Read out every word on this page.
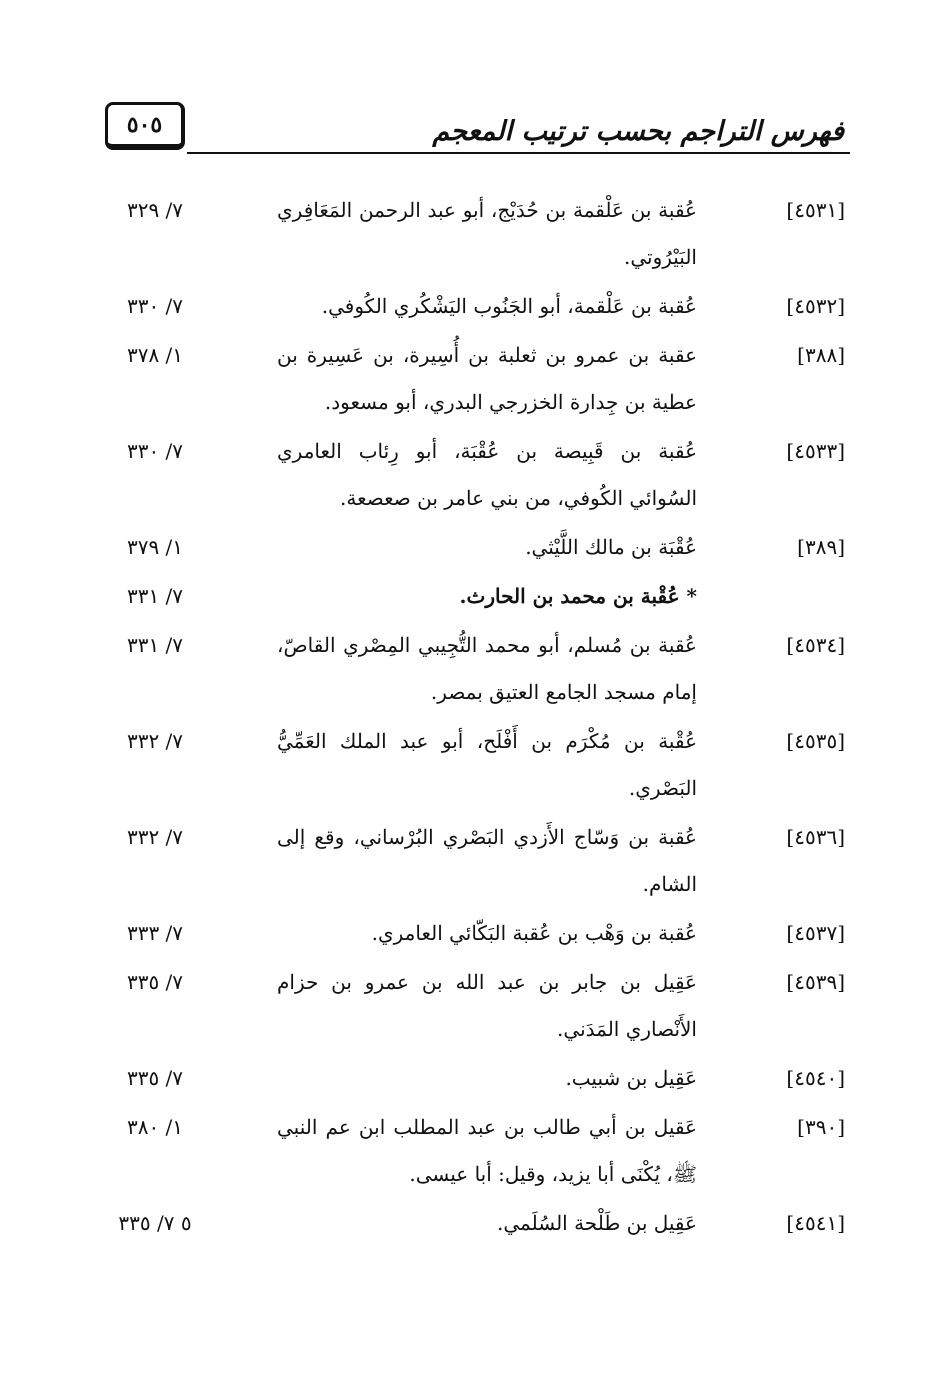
٥٠٥	فهرس التراجم بحسب ترتيب المعجم
[٤٥٣١]
عُقبة بن عَلْقمة بن حُدَيْج، أبو عبد الرحمن المَعَافِري البَيْرُوتي.
٧/ ٣٢٩
[٤٥٣٢]
عُقبة بن عَلْقمة، أبو الجَنُوب اليَشْكُري الكُوفي.
٧/ ٣٣٠
[٣٨٨]
عقبة بن عمرو بن ثعلبة بن أُسِيرة، بن عَسِيرة بن عطية بن جِدارة الخزرجي البدري، أبو مسعود.
١/ ٣٧٨
[٤٥٣٣]
عُقبة بن قَبِيصة بن عُقْبَة، أبو رِئاب العامري السُوائي الكُوفي، من بني عامر بن صعصعة.
٧/ ٣٣٠
[٣٨٩]
عُقْبَة بن مالك اللَّيْثي.
١/ ٣٧٩
* عُقْبة بن محمد بن الحارث.
٧/ ٣٣١
[٤٥٣٤]
عُقبة بن مُسلم، أبو محمد التُّجِيبي المِصْري القاصّ، إمام مسجد الجامع العتيق بمصر.
٧/ ٣٣١
[٤٥٣٥]
عُقْبة بن مُكْرَم بن أَفْلَح، أبو عبد الملك العَمِّيُّ البَصْري.
٧/ ٣٣٢
[٤٥٣٦]
عُقبة بن وَسّاج الأَزدي البَصْري البُرْساني، وقع إلى الشام.
٧/ ٣٣٢
[٤٥٣٧]
عُقبة بن وَهْب بن عُقبة البَكّائي العامري.
٧/ ٣٣٣
[٤٥٣٩]
عَقِيل بن جابر بن عبد الله بن عمرو بن حزام الأَنْصاري المَدَني.
٧/ ٣٣٥
[٤٥٤٠]
عَقِيل بن شبيب.
٧/ ٣٣٥
[٣٩٠]
عَقيل بن أبي طالب بن عبد المطلب ابن عم النبي ﷺ، يُكْنَى أبا يزيد، وقيل: أبا عيسى.
١/ ٣٨٠
[٤٥٤١]
عَقِيل بن طَلْحة السُلَمي.
٥ ٧/ ٣٣٥
